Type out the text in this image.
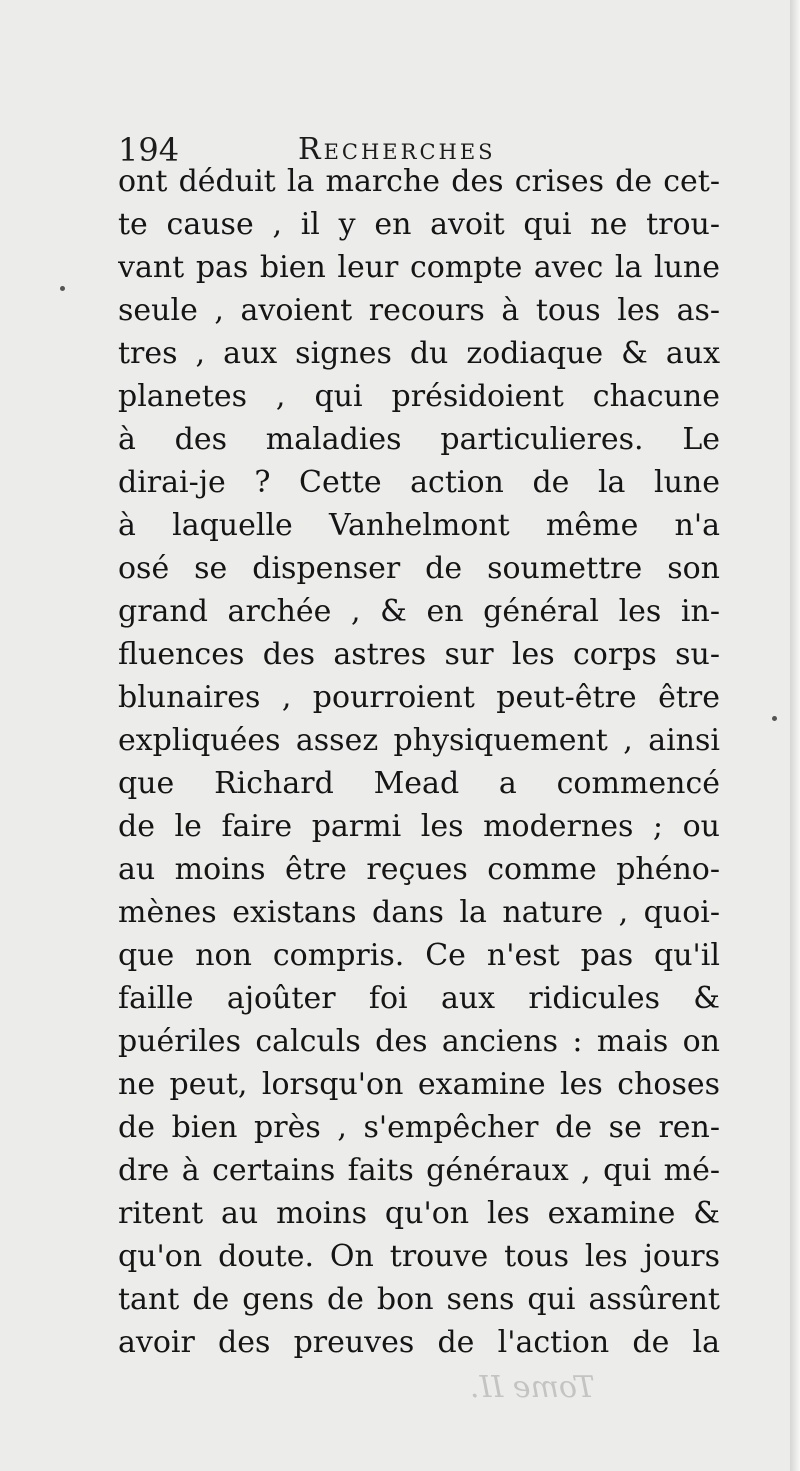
194	Recherches
ont déduit la marche des crises de cet-
te cause , il y en avoit qui ne trou-
vant pas bien leur compte avec la lune
seule , avoient recours à tous les as-
tres , aux signes du zodiaque & aux
planetes , qui présidoient chacune
à des maladies particulieres. Le
dirai-je ? Cette action de la lune
à laquelle Vanhelmont même n'a
osé se dispenser de soumettre son
grand archée , & en général les in-
fluences des astres sur les corps su-
blunaires , pourroient peut-être être
expliquées assez physiquement , ainsi
que Richard Mead a commencé
de le faire parmi les modernes ; ou
au moins être reçues comme phéno-
mènes existans dans la nature , quoi-
que non compris. Ce n'est pas qu'il
faille ajoûter foi aux ridicules &
puériles calculs des anciens : mais on
ne peut, lorsqu'on examine les choses
de bien près , s'empêcher de se ren-
dre à certains faits généraux , qui mé-
ritent au moins qu'on les examine &
qu'on doute. On trouve tous les jours
tant de gens de bon sens qui assûrent
avoir des preuves de l'action de la
Tome II.
